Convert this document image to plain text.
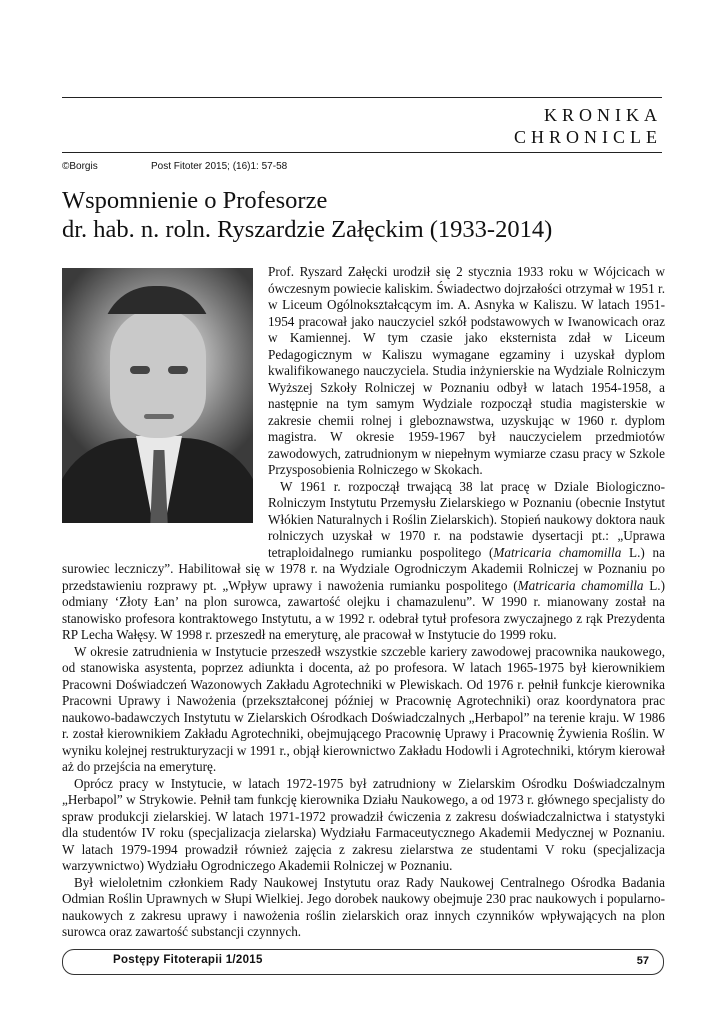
KRONIKA
CHRONICLE
©Borgis	Post Fitoter 2015; (16)1: 57-58
Wspomnienie o Profesorze
dr. hab. n. roln. Ryszardzie Załęckim (1933-2014)

Prof. Ryszard Załęcki urodził się 2 stycznia 1933 roku w Wójcicach w ówczesnym powiecie kaliskim. Świadectwo dojrzałości otrzymał w 1951 r. w Liceum Ogólnokształcącym im. A. Asnyka w Kaliszu. W latach 1951-1954 pracował jako nauczyciel szkół podstawowych w Iwanowicach oraz w Kamiennej. W tym czasie jako eksternista zdał w Liceum Pedagogicznym w Kaliszu wymagane egzaminy i uzyskał dyplom kwalifikowanego nauczyciela. Studia inżynierskie na Wydziale Rolniczym Wyższej Szkoły Rolniczej w Poznaniu odbył w latach 1954-1958, a następnie na tym samym Wydziale rozpoczął studia magisterskie w zakresie chemii rolnej i gleboznawstwa, uzyskując w 1960 r. dyplom magistra. W okresie 1959-1967 był nauczycielem przedmiotów zawodowych, zatrudnionym w niepełnym wymiarze czasu pracy w Szkole Przysposobienia Rolniczego w Skokach.

W 1961 r. rozpoczął trwającą 38 lat pracę w Dziale Biologiczno-Rolniczym Instytutu Przemysłu Zielarskiego w Poznaniu (obecnie Instytut Włókien Naturalnych i Roślin Zielarskich). Stopień naukowy doktora nauk rolniczych uzyskał w 1970 r. na podstawie dysertacji pt.: „Uprawa tetraploidalnego rumianku pospolitego (Matricaria chamomilla L.) na surowiec leczniczy”. Habilitował się w 1978 r. na Wydziale Ogrodniczym Akademii Rolniczej w Poznaniu po przedstawieniu rozprawy pt. „Wpływ uprawy i nawożenia rumianku pospolitego (Matricaria chamomilla L.) odmiany ‘Złoty Łan’ na plon surowca, zawartość olejku i chamazulenu”. W 1990 r. mianowany został na stanowisko profesora kontraktowego Instytutu, a w 1992 r. odebrał tytuł profesora zwyczajnego z rąk Prezydenta RP Lecha Wałęsy. W 1998 r. przeszedł na emeryturę, ale pracował w Instytucie do 1999 roku.

W okresie zatrudnienia w Instytucie przeszedł wszystkie szczeble kariery zawodowej pracownika naukowego, od stanowiska asystenta, poprzez adiunkta i docenta, aż po profesora. W latach 1965-1975 był kierownikiem Pracowni Doświadczeń Wazonowych Zakładu Agrotechniki w Plewiskach. Od 1976 r. pełnił funkcje kierownika Pracowni Uprawy i Nawożenia (przekształconej później w Pracownię Agrotechniki) oraz koordynatora prac naukowo-badawczych Instytutu w Zielarskich Ośrodkach Doświadczalnych „Herbapol” na terenie kraju. W 1986 r. został kierownikiem Zakładu Agrotechniki, obejmującego Pracownię Uprawy i Pracownię Żywienia Roślin. W wyniku kolejnej restrukturyzacji w 1991 r., objął kierownictwo Zakładu Hodowli i Agrotechniki, którym kierował aż do przejścia na emeryturę.

Oprócz pracy w Instytucie, w latach 1972-1975 był zatrudniony w Zielarskim Ośrodku Doświadczalnym „Herbapol” w Strykowie. Pełnił tam funkcję kierownika Działu Naukowego, a od 1973 r. głównego specjalisty do spraw produkcji zielarskiej. W latach 1971-1972 prowadził ćwiczenia z zakresu doświadczalnictwa i statystyki dla studentów IV roku (specjalizacja zielarska) Wydziału Farmaceutycznego Akademii Medycznej w Poznaniu. W latach 1979-1994 prowadził również zajęcia z zakresu zielarstwa ze studentami V roku (specjalizacja warzywnictwo) Wydziału Ogrodniczego Akademii Rolniczej w Poznaniu.

Był wieloletnim członkiem Rady Naukowej Instytutu oraz Rady Naukowej Centralnego Ośrodka Badania Odmian Roślin Uprawnych w Słupi Wielkiej. Jego dorobek naukowy obejmuje 230 prac naukowych i popularno-naukowych z zakresu uprawy i nawożenia roślin zielarskich oraz innych czynników wpływających na plon surowca oraz zawartość substancji czynnych.

Postępy Fitoterapii 1/2015	57
